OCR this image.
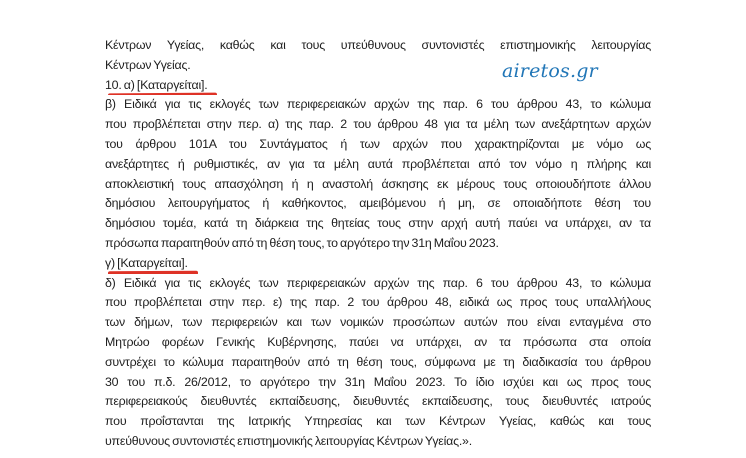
airetos.gr
Κέντρων Υγείας, καθώς και τους υπεύθυνους συντονιστές επιστημονικής λειτουργίας
Κέντρων Υγείας.
10. α) [Καταργείται].
β) Ειδικά για τις εκλογές των περιφερειακών αρχών της παρ. 6 του άρθρου 43, το κώλυμα
που προβλέπεται στην περ. α) της παρ. 2 του άρθρου 48 για τα μέλη των ανεξάρτητων αρχών
του άρθρου 101Α του Συντάγματος ή των αρχών που χαρακτηρίζονται με νόμο ως
ανεξάρτητες ή ρυθμιστικές, αν για τα μέλη αυτά προβλέπεται από τον νόμο η πλήρης και
αποκλειστική τους απασχόληση ή η αναστολή άσκησης εκ μέρους τους οποιουδήποτε άλλου
δημόσιου λειτουργήματος ή καθήκοντος, αμειβόμενου ή μη, σε οποιαδήποτε θέση του
δημόσιου τομέα, κατά τη διάρκεια της θητείας τους στην αρχή αυτή παύει να υπάρχει, αν τα
πρόσωπα παραιτηθούν από τη θέση τους, το αργότερο την 31η Μαΐου 2023.
γ) [Καταργείται].
δ) Ειδικά για τις εκλογές των περιφερειακών αρχών της παρ. 6 του άρθρου 43, το κώλυμα
που προβλέπεται στην περ. ε) της παρ. 2 του άρθρου 48, ειδικά ως προς τους υπαλλήλους
των δήμων, των περιφερειών και των νομικών προσώπων αυτών που είναι ενταγμένα στο
Μητρώο φορέων Γενικής Κυβέρνησης, παύει να υπάρχει, αν τα πρόσωπα στα οποία
συντρέχει το κώλυμα παραιτηθούν από τη θέση τους, σύμφωνα με τη διαδικασία του άρθρου
30 του π.δ. 26/2012, το αργότερο την 31η Μαΐου 2023. Το ίδιο ισχύει και ως προς τους
περιφερειακούς διευθυντές εκπαίδευσης, διευθυντές εκπαίδευσης, τους διευθυντές ιατρούς
που προΐστανται της Ιατρικής Υπηρεσίας και των Κέντρων Υγείας, καθώς και τους
υπεύθυνους συντονιστές επιστημονικής λειτουργίας Κέντρων Υγείας.».
